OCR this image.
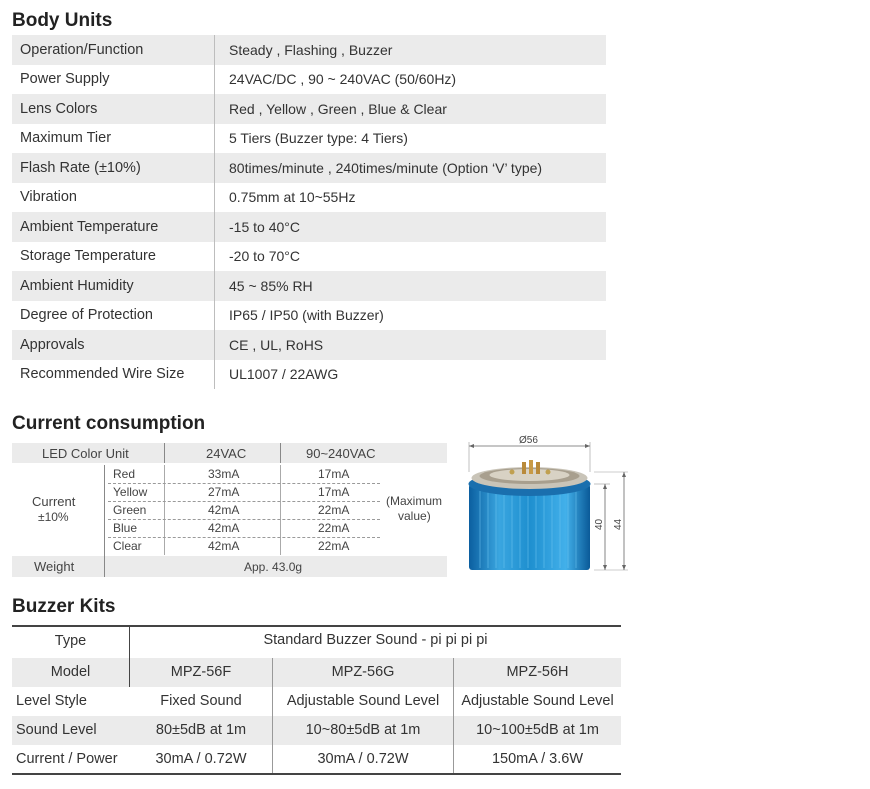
Body Units
Operation/Function	Steady , Flashing , Buzzer
Power Supply	24VAC/DC , 90 ~ 240VAC (50/60Hz)
Lens Colors	Red , Yellow , Green , Blue & Clear
Maximum Tier	5 Tiers (Buzzer type: 4 Tiers)
Flash Rate (±10%)	80times/minute , 240times/minute (Option ‘V’ type)
Vibration	0.75mm at 10~55Hz
Ambient Temperature	-15 to 40°C
Storage Temperature	-20 to 70°C
Ambient Humidity	45 ~ 85% RH
Degree of Protection	IP65 / IP50 (with Buzzer)
Approvals	CE , UL, RoHS
Recommended Wire Size	UL1007 / 22AWG
Current consumption
LED Color Unit	24VAC	90~240VAC
Current
±10%
Red	33mA	17mA
Yellow	27mA	17mA
Green	42mA	22mA
Blue	42mA	22mA
Clear	42mA	22mA
(Maximum
value)
Weight	App. 43.0g
Ø56
40 44
Buzzer Kits
Type	Standard Buzzer Sound - pi pi pi pi
Model	MPZ-56F	MPZ-56G	MPZ-56H
Level Style	Fixed Sound	Adjustable Sound Level	Adjustable Sound Level
Sound Level	80±5dB at 1m	10~80±5dB at 1m	10~100±5dB at 1m
Current / Power	30mA / 0.72W	30mA / 0.72W	150mA / 3.6W
